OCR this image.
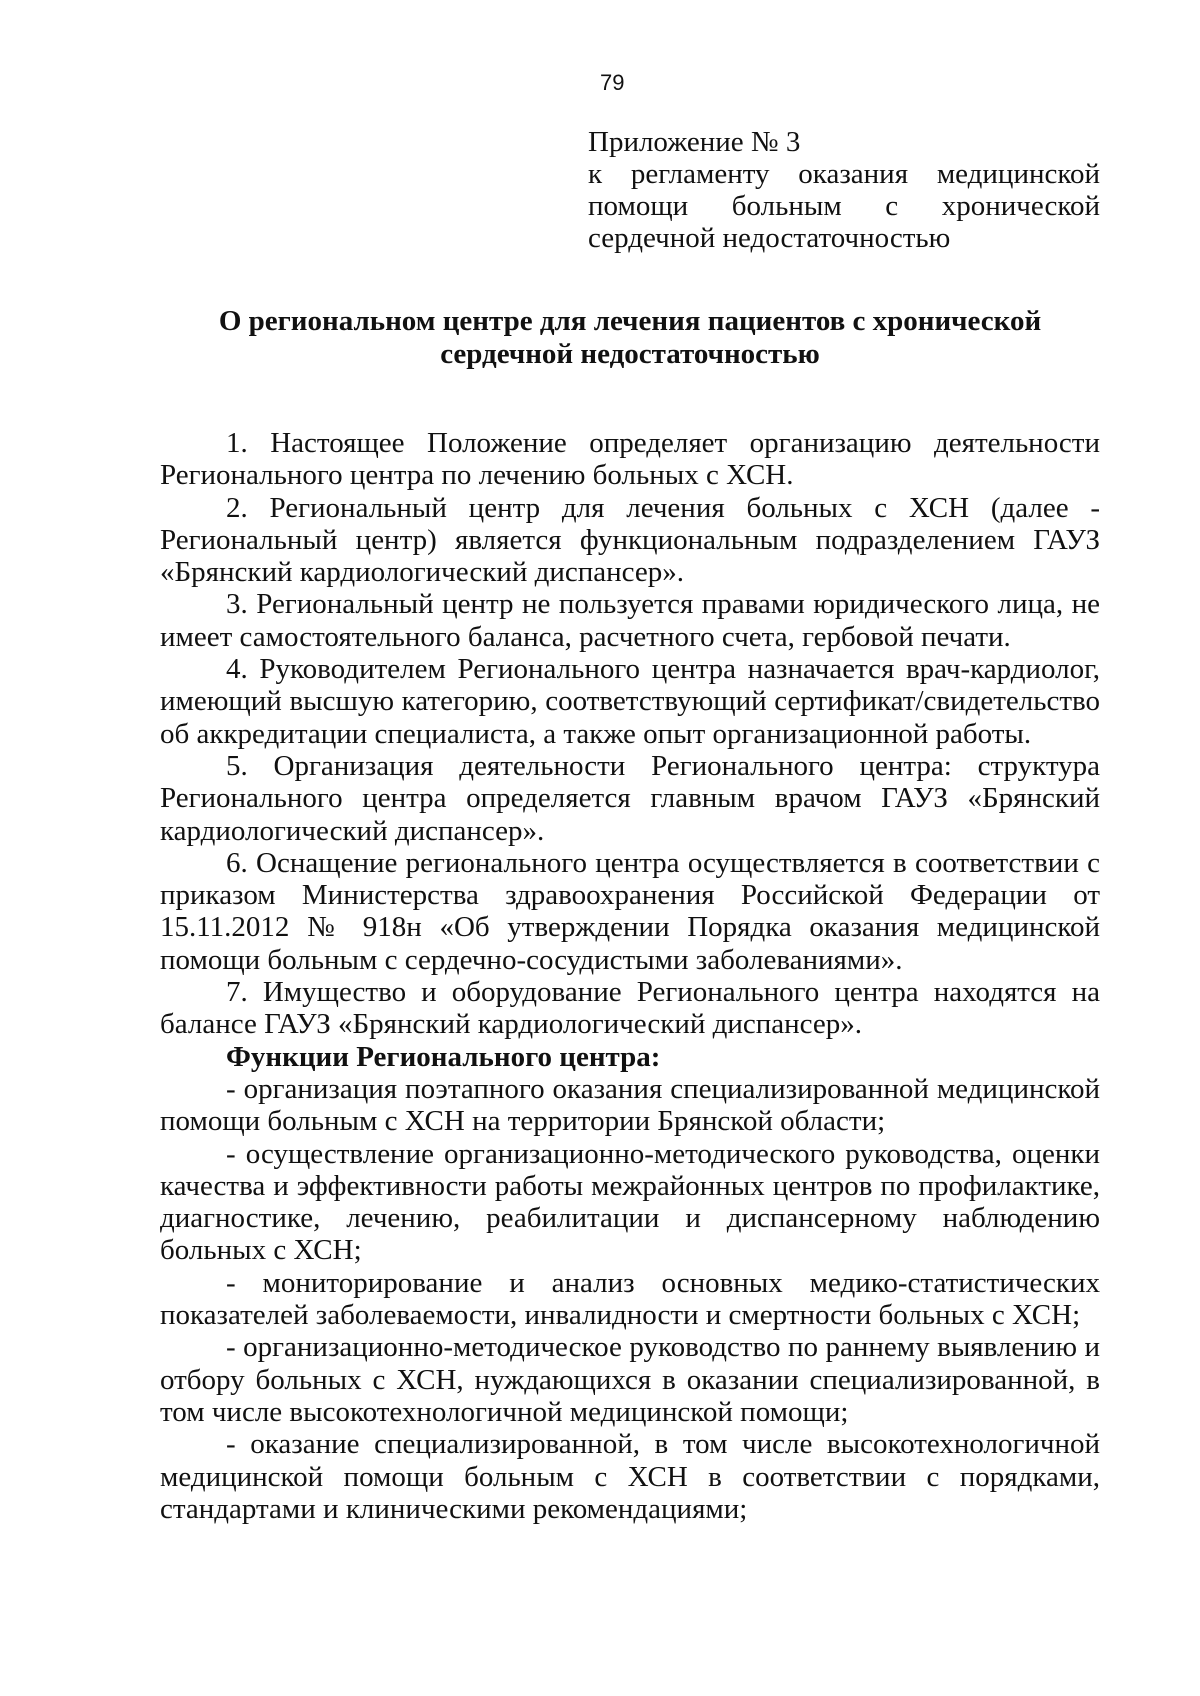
79
Приложение № 3
к регламенту оказания медицинской помощи больным с хронической сердечной недостаточностью
О региональном центре для лечения пациентов с хронической сердечной недостаточностью

1. Настоящее Положение определяет организацию деятельности Регионального центра по лечению больных с ХСН.

2. Региональный центр для лечения больных с ХСН (далее - Региональный центр) является функциональным подразделением ГАУЗ «Брянский кардиологический диспансер».

3. Региональный центр не пользуется правами юридического лица, не имеет самостоятельного баланса, расчетного счета, гербовой печати.

4. Руководителем Регионального центра назначается врач-кардиолог, имеющий высшую категорию, соответствующий сертификат/свидетельство об аккредитации специалиста, а также опыт организационной работы.

5. Организация деятельности Регионального центра: структура Регионального центра определяется главным врачом ГАУЗ «Брянский кардиологический диспансер».

6. Оснащение регионального центра осуществляется в соответствии с приказом Министерства здравоохранения Российской Федерации от 15.11.2012 № 918н «Об утверждении Порядка оказания медицинской помощи больным с сердечно-сосудистыми заболеваниями».

7. Имущество и оборудование Регионального центра находятся на балансе ГАУЗ «Брянский кардиологический диспансер».

Функции Регионального центра:

- организация поэтапного оказания специализированной медицинской помощи больным с ХСН на территории Брянской области;

- осуществление организационно-методического руководства, оценки качества и эффективности работы межрайонных центров по профилактике, диагностике, лечению, реабилитации и диспансерному наблюдению больных с ХСН;

- мониторирование и анализ основных медико-статистических показателей заболеваемости, инвалидности и смертности больных с ХСН;

- организационно-методическое руководство по раннему выявлению и отбору больных с ХСН, нуждающихся в оказании специализированной, в том числе высокотехнологичной медицинской помощи;

- оказание специализированной, в том числе высокотехнологичной медицинской помощи больным с ХСН в соответствии с порядками, стандартами и клиническими рекомендациями;
